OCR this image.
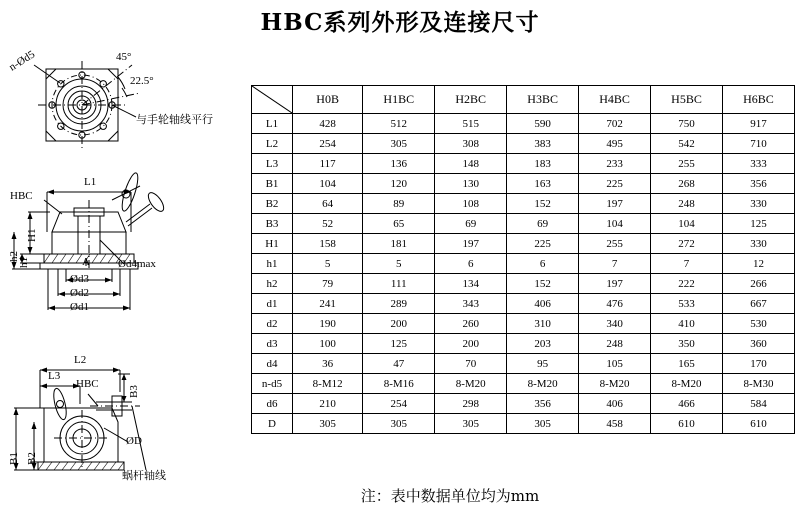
HBC系列外形及连接尺寸
n-Ød5	45°
22.5°
与手轮轴线平行
L1
HBC
H1
h1
h2	A	Ød4max
Ød3
Ød2
Ød1
L2
L3
HBC
B1 B2
B3
ØD
蜗杆轴线
	H0B	H1BC	H2BC	H3BC	H4BC	H5BC	H6BC
L1	428	512	515	590	702	750	917
L2	254	305	308	383	495	542	710
L3	117	136	148	183	233	255	333
B1	104	120	130	163	225	268	356
B2	64	89	108	152	197	248	330
B3	52	65	69	69	104	104	125
H1	158	181	197	225	255	272	330
h1	5	5	6	6	7	7	12
h2	79	111	134	152	197	222	266
d1	241	289	343	406	476	533	667
d2	190	200	260	310	340	410	530
d3	100	125	200	203	248	350	360
d4	36	47	70	95	105	165	170
n-d5	8-M12	8-M16	8-M20	8-M20	8-M20	8-M20	8-M30
d6	210	254	298	356	406	466	584
D	305	305	305	305	458	610	610
注：表中数据单位均为mm
